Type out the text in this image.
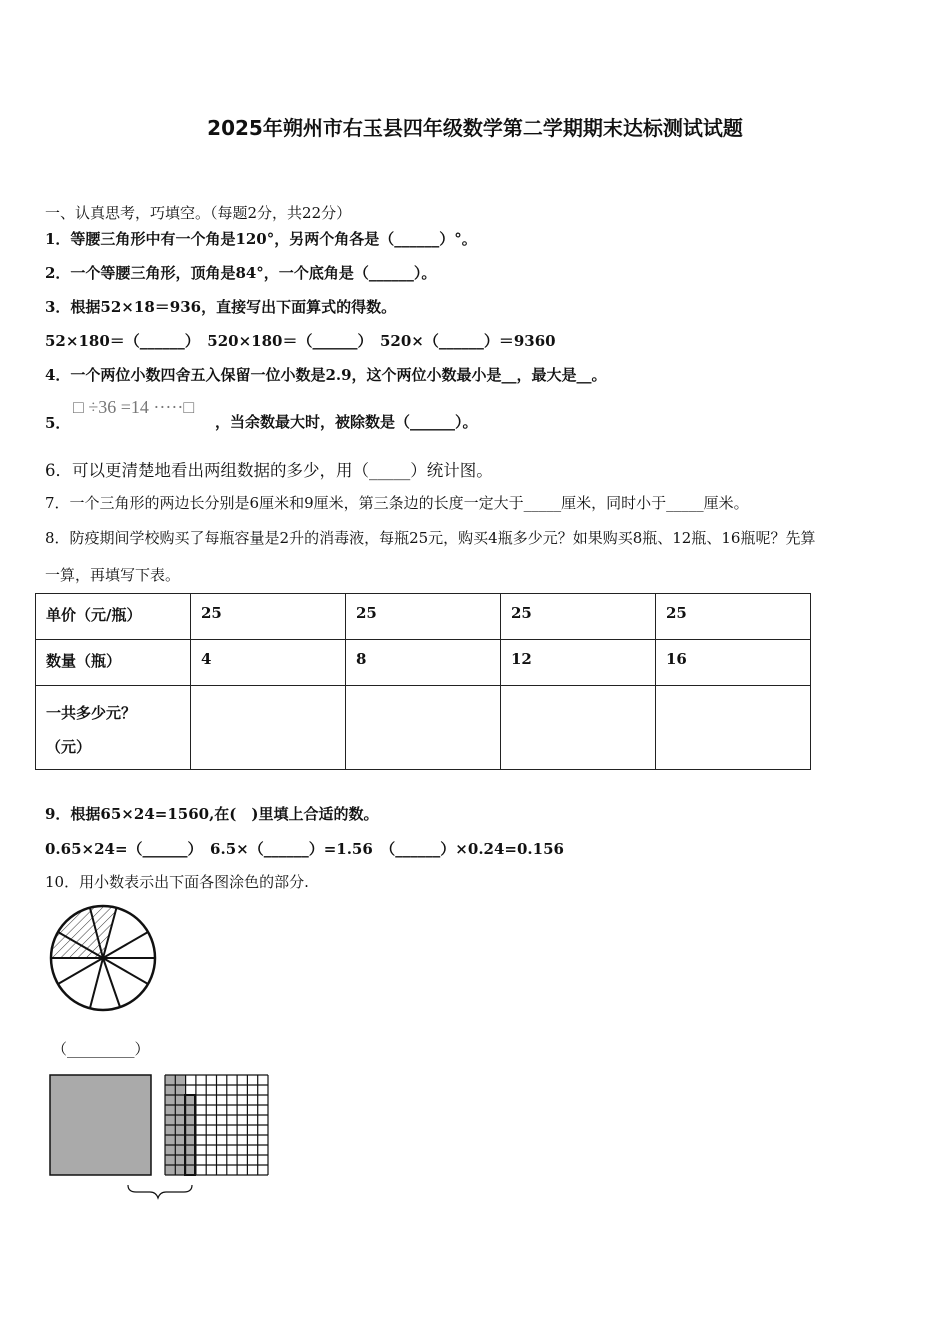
2025年朔州市右玉县四年级数学第二学期期末达标测试试题
一、认真思考，巧填空。（每题2分，共22分）
1．等腰三角形中有一个角是120°，另两个角各是（______）°。
2．一个等腰三角形，顶角是84°，一个底角是（______）。
3．根据52×18＝936，直接写出下面算式的得数。
52×180＝（______）　520×180＝（______）　520×（______）＝9360
4．一个两位小数四舍五入保留一位小数是2.9，这个两位小数最小是__，最大是__。
5．
□ ÷36 =14 ·····□
，当余数最大时，被除数是（______）。
6．可以更清楚地看出两组数据的多少，用（_____）统计图。
7．一个三角形的两边长分别是6厘米和9厘米，第三条边的长度一定大于_____厘米，同时小于_____厘米。
8．防疫期间学校购买了每瓶容量是2升的消毒液，每瓶25元，购买4瓶多少元？如果购买8瓶、12瓶、16瓶呢？先算
一算，再填写下表。
单价（元/瓶）	25	25	25	25
数量（瓶）	4	8	12	16
一共多少元？
（元）				
9．根据65×24=1560,在(　)里填上合适的数。
0.65×24=（______）　6.5×（______）=1.56　（______）×0.24=0.156
10．用小数表示出下面各图涂色的部分.
（_________）
